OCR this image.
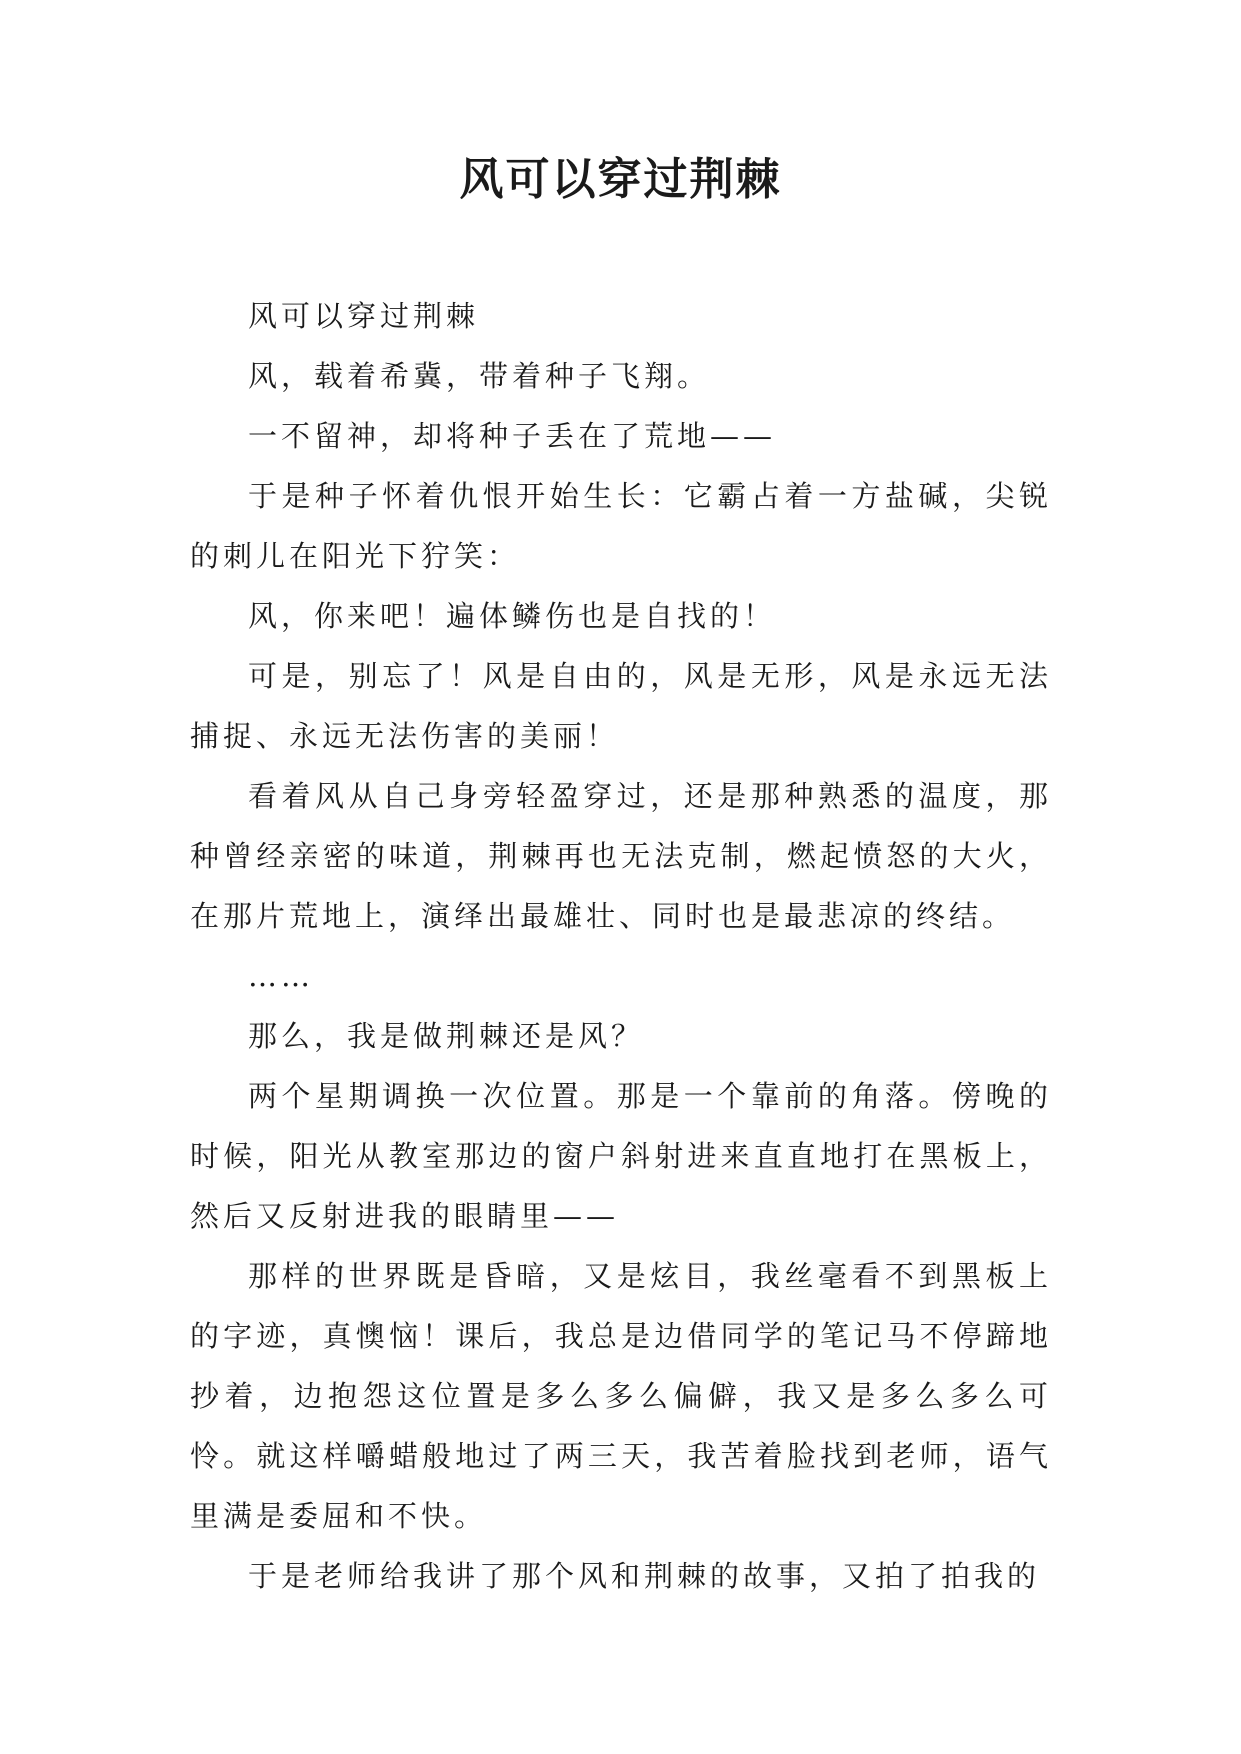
风可以穿过荆棘

风可以穿过荆棘

风，载着希冀，带着种子飞翔。

一不留神，却将种子丢在了荒地——

于是种子怀着仇恨开始生长：它霸占着一方盐碱，尖锐的刺儿在阳光下狞笑：

风，你来吧！遍体鳞伤也是自找的！

可是，别忘了！风是自由的，风是无形，风是永远无法捕捉、永远无法伤害的美丽！

看着风从自己身旁轻盈穿过，还是那种熟悉的温度，那种曾经亲密的味道，荆棘再也无法克制，燃起愤怒的大火，在那片荒地上，演绎出最雄壮、同时也是最悲凉的终结。

……

那么，我是做荆棘还是风？

两个星期调换一次位置。那是一个靠前的角落。傍晚的时候，阳光从教室那边的窗户斜射进来直直地打在黑板上，然后又反射进我的眼睛里——

那样的世界既是昏暗，又是炫目，我丝毫看不到黑板上的字迹，真懊恼！课后，我总是边借同学的笔记马不停蹄地抄着，边抱怨这位置是多么多么偏僻，我又是多么多么可怜。就这样嚼蜡般地过了两三天，我苦着脸找到老师，语气里满是委屈和不快。

于是老师给我讲了那个风和荆棘的故事，又拍了拍我的
